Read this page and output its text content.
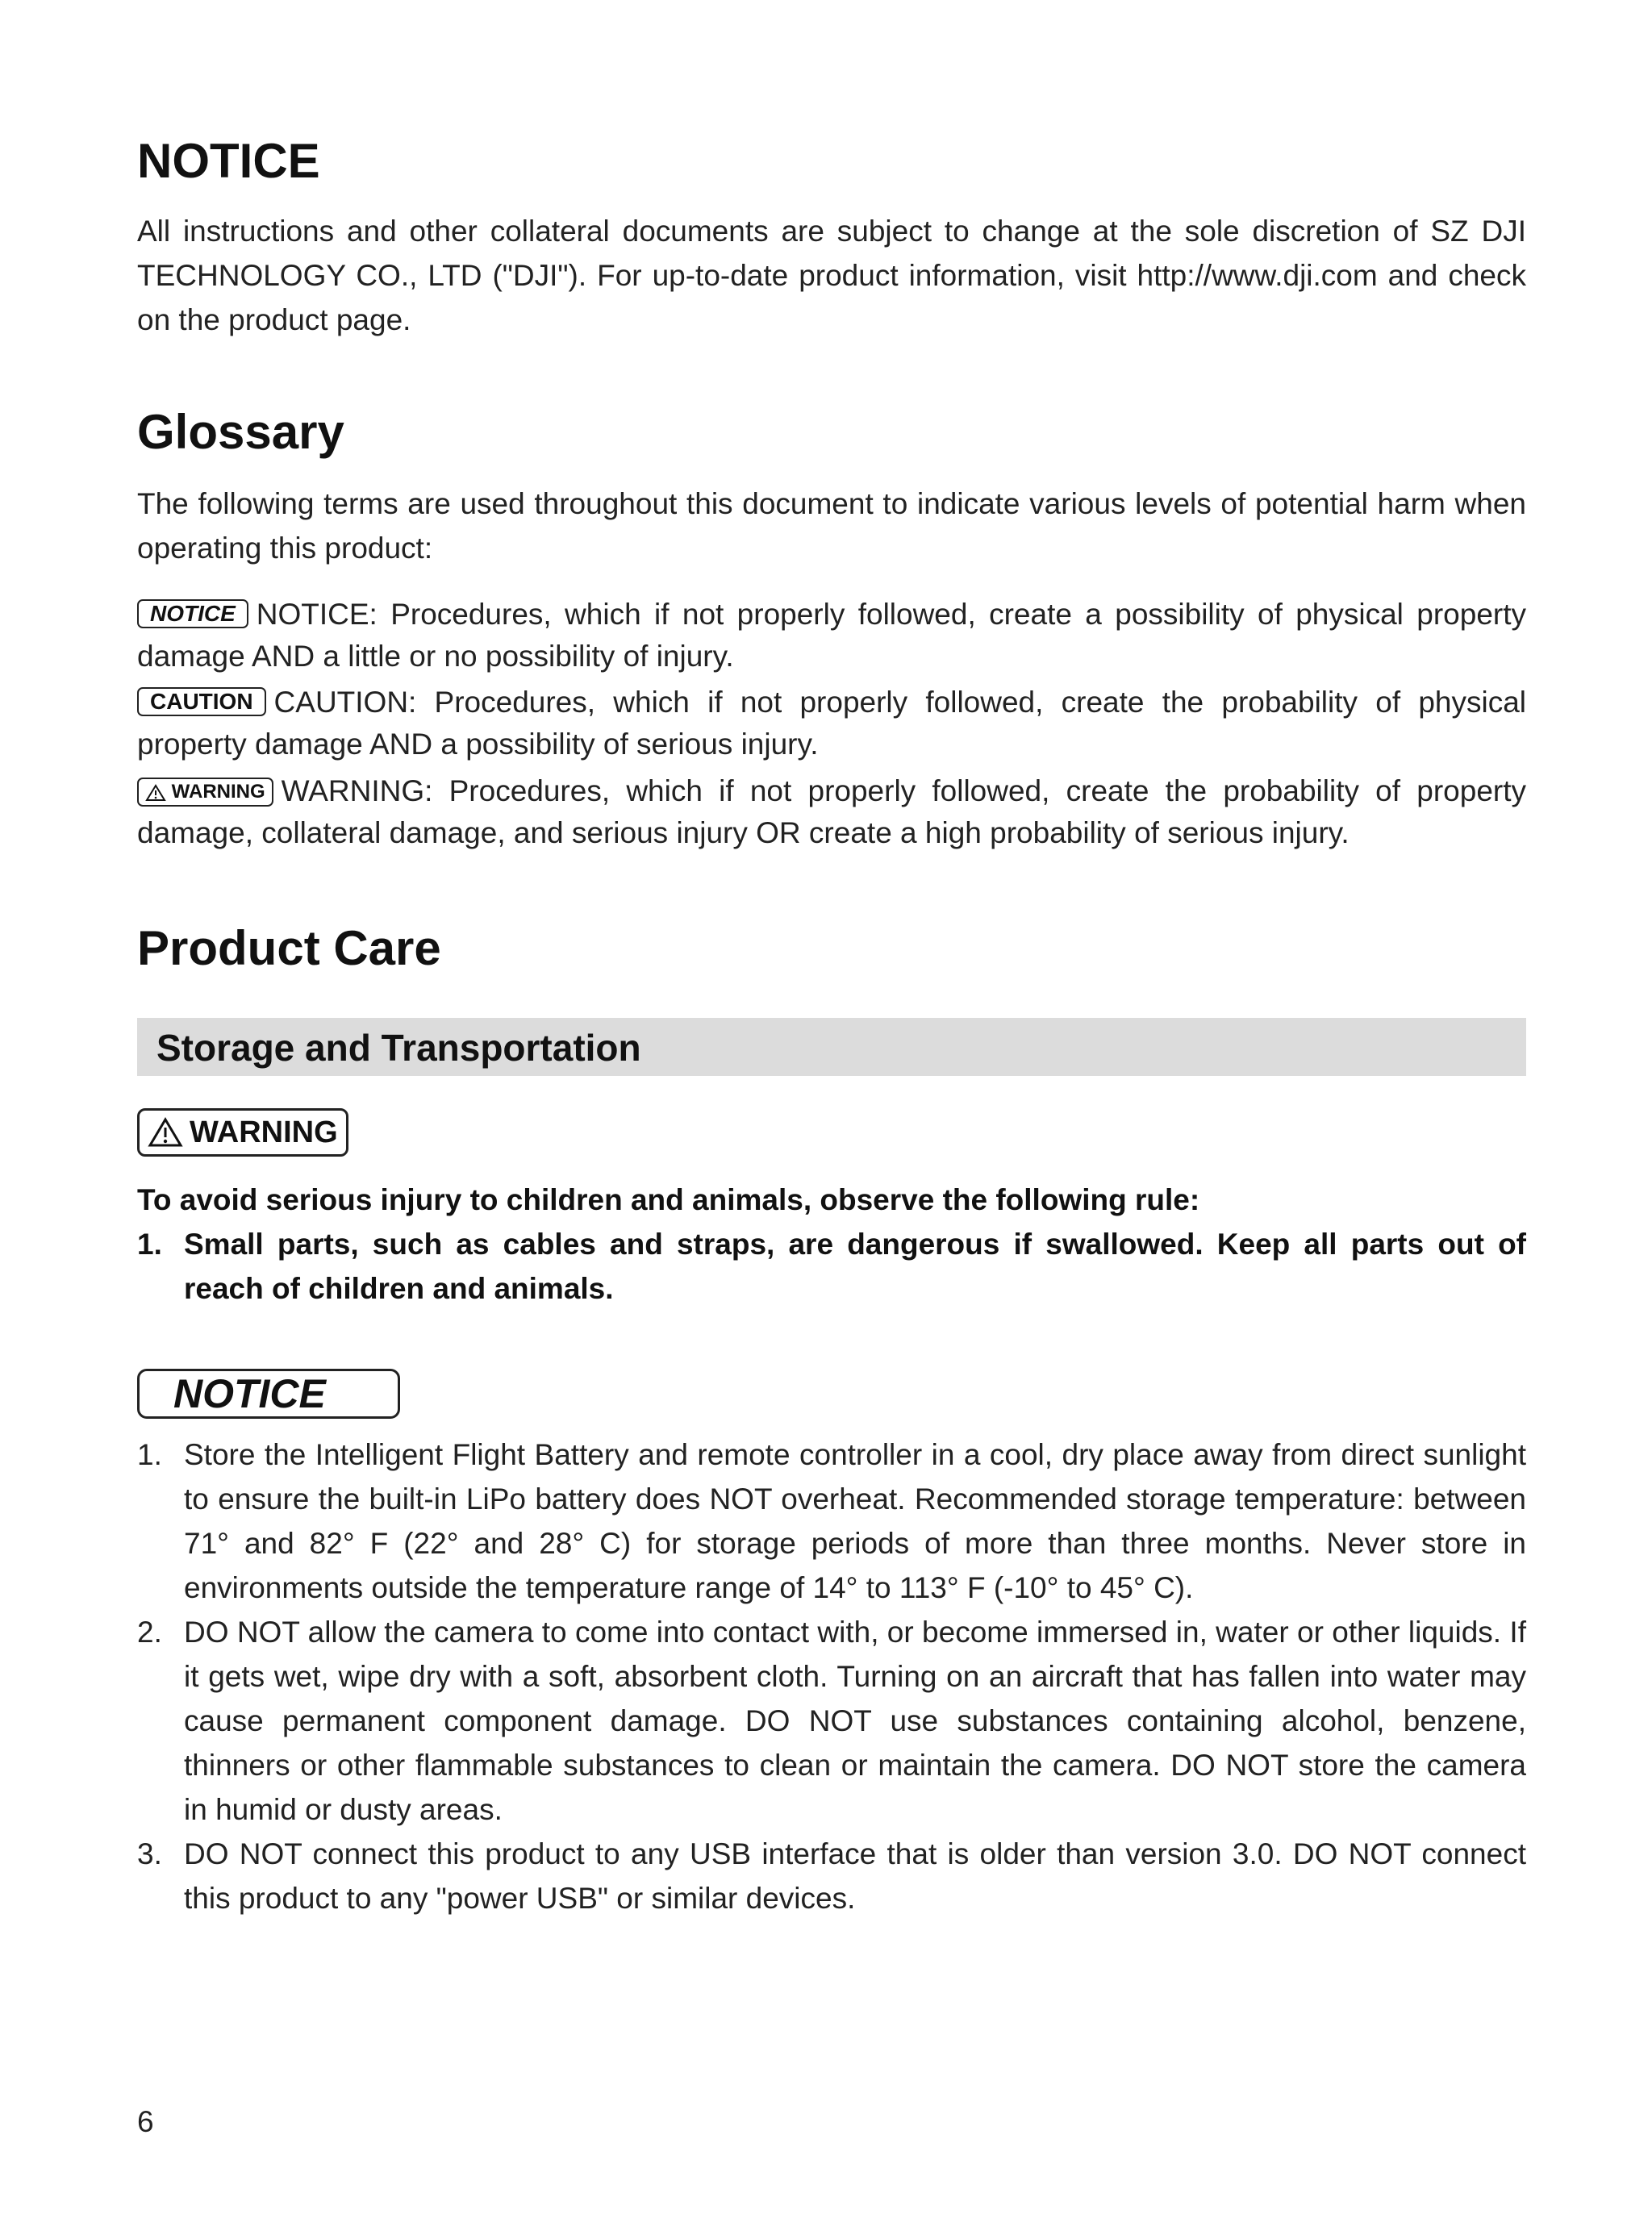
NOTICE

All instructions and other collateral documents are subject to change at the sole discretion of SZ DJI TECHNOLOGY CO., LTD ("DJI"). For up-to-date product information, visit http://www.dji.com and check on the product page.

Glossary

The following terms are used throughout this document to indicate various levels of potential harm when operating this product:

NOTICE NOTICE: Procedures, which if not properly followed, create a possibility of physical property damage AND a little or no possibility of injury.

CAUTION CAUTION: Procedures, which if not properly followed, create the probability of physical property damage AND a possibility of serious injury.

WARNING WARNING: Procedures, which if not properly followed, create the probability of property damage, collateral damage, and serious injury OR create a high probability of serious injury.

Product Care
Storage and Transportation
WARNING

To avoid serious injury to children and animals, observe the following rule:

1. Small parts, such as cables and straps, are dangerous if swallowed. Keep all parts out of reach of children and animals.
NOTICE
1. Store the Intelligent Flight Battery and remote controller in a cool, dry place away from direct sunlight to ensure the built-in LiPo battery does NOT overheat. Recommended storage temperature: between 71° and 82° F (22° and 28° C) for storage periods of more than three months. Never store in environments outside the temperature range of 14° to 113° F (-10° to 45° C).
2. DO NOT allow the camera to come into contact with, or become immersed in, water or other liquids. If it gets wet, wipe dry with a soft, absorbent cloth. Turning on an aircraft that has fallen into water may cause permanent component damage. DO NOT use substances containing alcohol, benzene, thinners or other flammable substances to clean or maintain the camera. DO NOT store the camera in humid or dusty areas.
3. DO NOT connect this product to any USB interface that is older than version 3.0. DO NOT connect this product to any "power USB" or similar devices.
6
